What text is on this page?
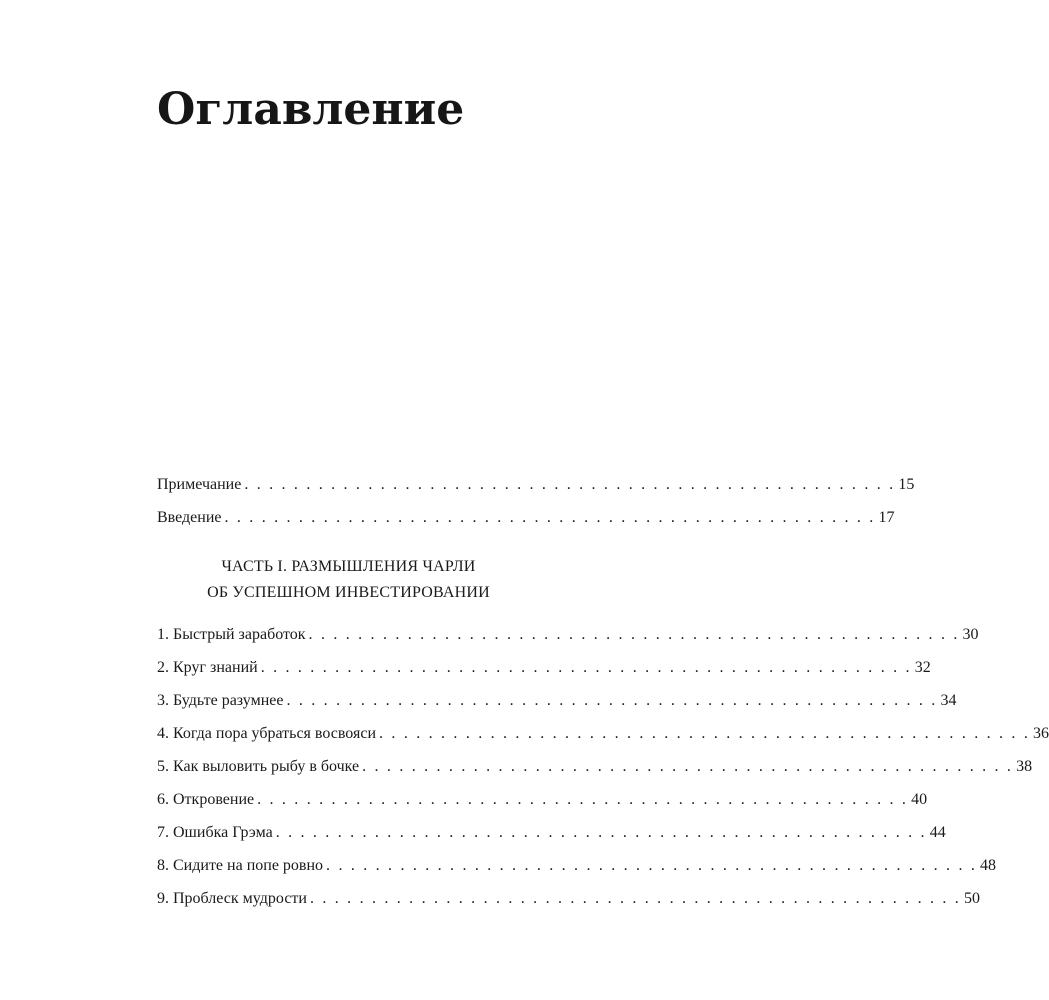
Оглавление
Примечание . . . . . . . . . . . . . . . . . . . . . . . . . . . . . . . . . . . . . . . . . . . . . . . . . . . . . 15
Введение . . . . . . . . . . . . . . . . . . . . . . . . . . . . . . . . . . . . . . . . . . . . . . . . . . . . . 17
ЧАСТЬ I. РАЗМЫШЛЕНИЯ ЧАРЛИ
ОБ УСПЕШНОМ ИНВЕСТИРОВАНИИ
1. Быстрый заработок . . . . . . . . . . . . . . . . . . . . . . . . . . . . . . . . . . . . . . . . . . . . . . . . . . . . . 30
2. Круг знаний . . . . . . . . . . . . . . . . . . . . . . . . . . . . . . . . . . . . . . . . . . . . . . . . . . . . . 32
3. Будьте разумнее . . . . . . . . . . . . . . . . . . . . . . . . . . . . . . . . . . . . . . . . . . . . . . . . . . . . . 34
4. Когда пора убраться восвояси . . . . . . . . . . . . . . . . . . . . . . . . . . . . . . . . . . . . . . . . . . . . . . . . . . . . . 36
5. Как выловить рыбу в бочке . . . . . . . . . . . . . . . . . . . . . . . . . . . . . . . . . . . . . . . . . . . . . . . . . . . . . 38
6. Откровение . . . . . . . . . . . . . . . . . . . . . . . . . . . . . . . . . . . . . . . . . . . . . . . . . . . . . 40
7. Ошибка Грэма . . . . . . . . . . . . . . . . . . . . . . . . . . . . . . . . . . . . . . . . . . . . . . . . . . . . . 44
8. Сидите на попе ровно . . . . . . . . . . . . . . . . . . . . . . . . . . . . . . . . . . . . . . . . . . . . . . . . . . . . . 48
9. Проблеск мудрости . . . . . . . . . . . . . . . . . . . . . . . . . . . . . . . . . . . . . . . . . . . . . . . . . . . . . 50
